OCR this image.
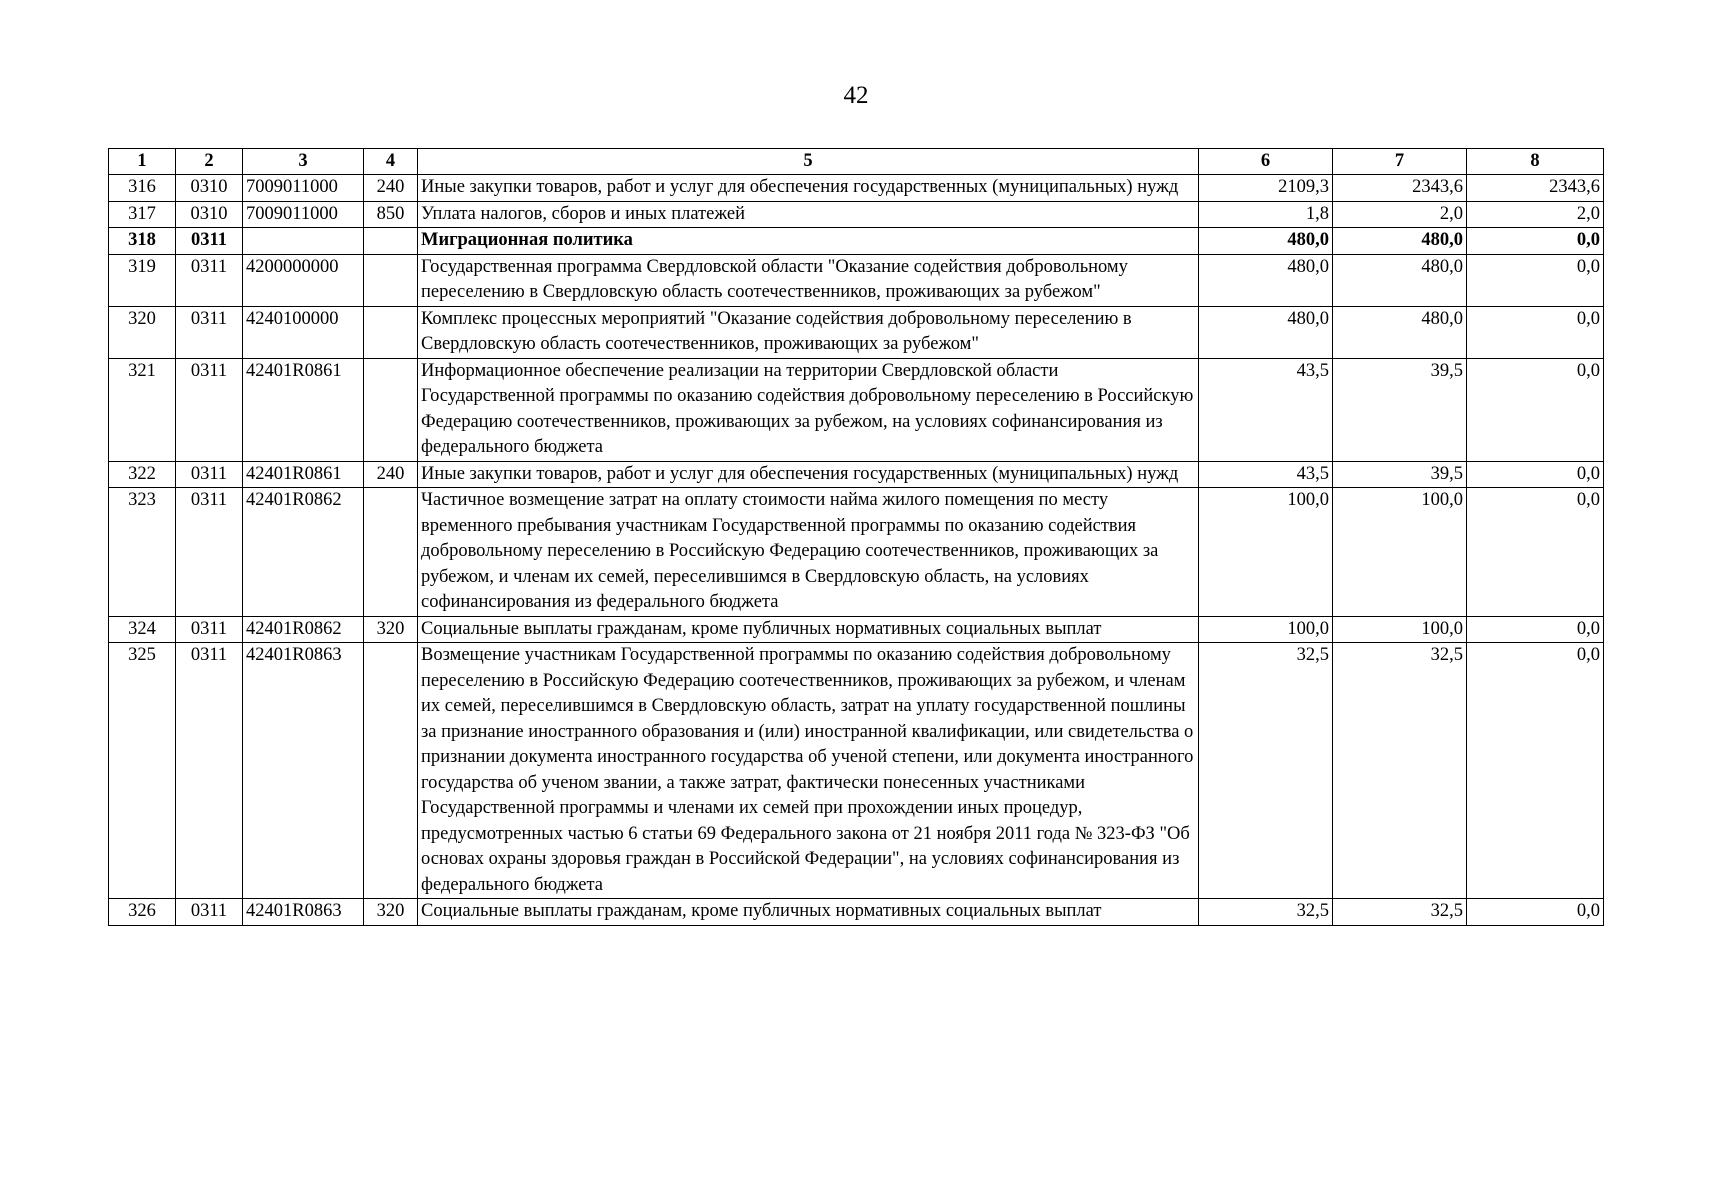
42
1	2	3	4	5	6	7	8
316	0310	7009011000	240	Иные закупки товаров, работ и услуг для обеспечения государственных (муниципальных) нужд	2109,3	2343,6	2343,6
317	0310	7009011000	850	Уплата налогов, сборов и иных платежей	1,8	2,0	2,0
318	0311			Миграционная политика	480,0	480,0	0,0
319	0311	4200000000		Государственная программа Свердловской области "Оказание содействия добровольному переселению в Свердловскую область соотечественников, проживающих за рубежом"	480,0	480,0	0,0
320	0311	4240100000		Комплекс процессных мероприятий "Оказание содействия добровольному переселению в Свердловскую область соотечественников, проживающих за рубежом"	480,0	480,0	0,0
321	0311	42401R0861		Информационное обеспечение реализации на территории Свердловской области Государственной программы по оказанию содействия добровольному переселению в Российскую Федерацию соотечественников, проживающих за рубежом, на условиях софинансирования из федерального бюджета	43,5	39,5	0,0
322	0311	42401R0861	240	Иные закупки товаров, работ и услуг для обеспечения государственных (муниципальных) нужд	43,5	39,5	0,0
323	0311	42401R0862		Частичное возмещение затрат на оплату стоимости найма жилого помещения по месту временного пребывания участникам Государственной программы по оказанию содействия добровольному переселению в Российскую Федерацию соотечественников, проживающих за рубежом, и членам их семей, переселившимся в Свердловскую область, на условиях софинансирования из федерального бюджета	100,0	100,0	0,0
324	0311	42401R0862	320	Социальные выплаты гражданам, кроме публичных нормативных социальных выплат	100,0	100,0	0,0
325	0311	42401R0863		Возмещение участникам Государственной программы по оказанию содействия добровольному переселению в Российскую Федерацию соотечественников, проживающих за рубежом, и членам их семей, переселившимся в Свердловскую область, затрат на уплату государственной пошлины за признание иностранного образования и (или) иностранной квалификации, или свидетельства о признании документа иностранного государства об ученой степени, или документа иностранного государства об ученом звании, а также затрат, фактически понесенных участниками Государственной программы и членами их семей при прохождении иных процедур, предусмотренных частью 6 статьи 69 Федерального закона от 21 ноября 2011 года № 323-ФЗ "Об основах охраны здоровья граждан в Российской Федерации", на условиях софинансирования из федерального бюджета	32,5	32,5	0,0
326	0311	42401R0863	320	Социальные выплаты гражданам, кроме публичных нормативных социальных выплат	32,5	32,5	0,0
